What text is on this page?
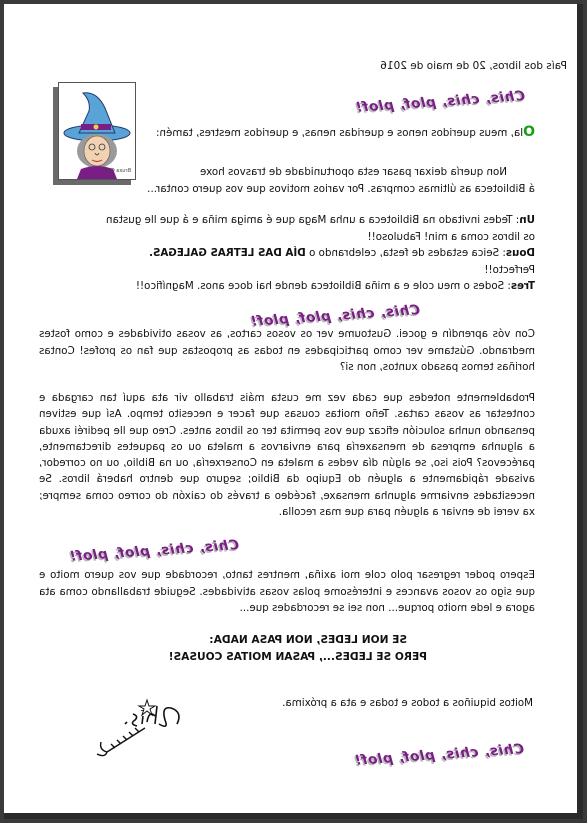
País dos libros, 20 de maio de 2016
Bruxa Chis
Chis, chis, plof, plof!
Ola, meus queridos nenos e queridas nenas, e queridos mestres, tamén:
Non quería deixar pasar esta oportunidade de trasvos hoxe
á Biblioteca as últimas compras. Por varios motivos que vos quero contar...
Un: Tedes invitado na Biblioteca a unha Maga que é amiga miña e á que lle gustan
os libros coma a min! Fabuloso!!
Dous: Seica estades de festa, celebrando o DÍA DAS LETRAS GALEGAS.
Perfecto!!
Tres: Sodes o meu cole e a miña Biblioteca dende hai doce anos. Magnífico!!
Chis, chis, plof, plof!
Con vós aprendín e gocei. Gustoume ver os vosos cartos, as vosas otividades e como fostes medrando. Gústame ver como participades en todas as propostas que fan os profes! Contas horiñas temos pasado xuntos, non si?
Probablemente notedes que cada vez me custa máis traballo vir ata aquí tan cargada e contestar as vosas cartas. Teño moitas cousas que facer e necesito tempo. Así que estiven pensando nunha solución eficaz que vos permita ter os libros antes. Creo que lle pediréi axuda a algunha empresa de mensaxería para enviarvos a maleta ou os paquetes directamente, parécevos? Pois iso, se algún día vedes a maleta en Conserxería, ou na Biblio, ou no corredor, avisade rápidamente a alguén do Equipo da Biblio; seguro que dentro haberá libros. Se necesitades enviarme algunha mensaxe, facédeo a través do caixón do correo coma sempre; xa verei de enviar a alguén para que mas recolla.
Chis, chis, plof, plof!
Espero poder regresar polo cole moi axiña, mentres tanto, recordade que vos quero moito e que sigo os vosos avances e interésome polas vosas atividades. Seguide traballando coma ata agora e lede moito porque... non sei se recordades que...
SE NON LEDES, NON PASA NADA:
PERO SE LEDES..., PASAN MOITAS COUSAS!
Moitos biquiños a todos e todas e ata a próxima.
Chis, chis, plof, plof!
